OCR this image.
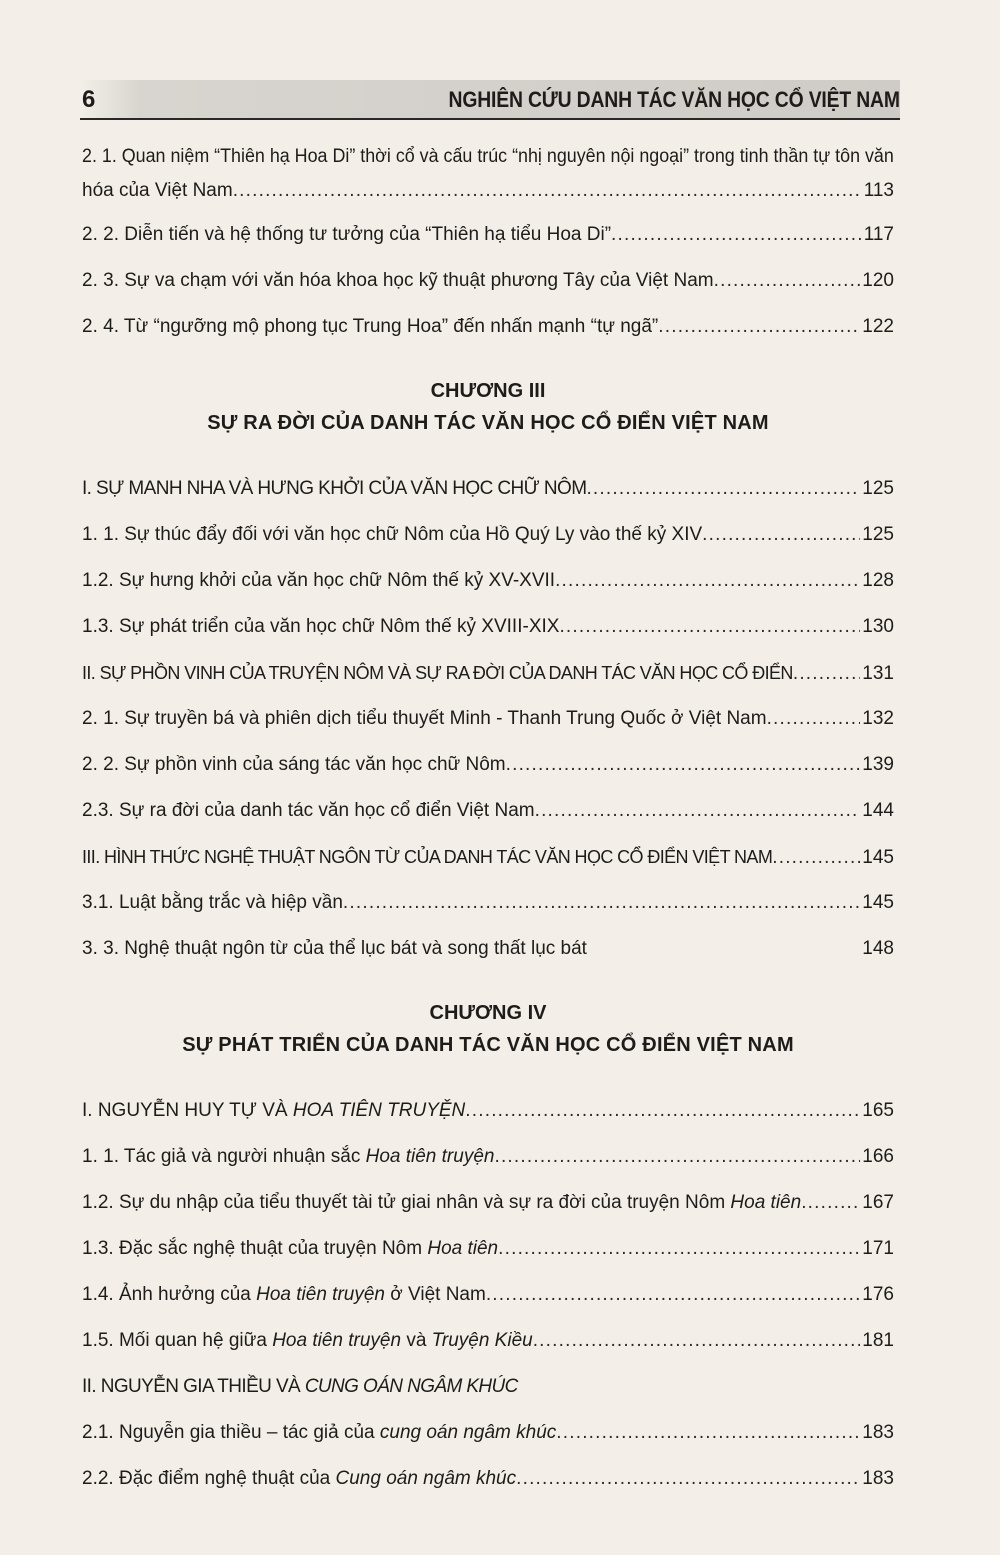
6	NGHIÊN CỨU DANH TÁC VĂN HỌC CỔ VIỆT NAM
2. 1. Quan niệm “Thiên hạ Hoa Di” thời cổ và cấu trúc “nhị nguyên nội ngoại” trong tinh thần tự tôn văn
hóa của Việt Nam .....	113
2. 2. Diễn tiến và hệ thống tư tưởng của “Thiên hạ tiểu Hoa Di” .....	117
2. 3. Sự va chạm với văn hóa khoa học kỹ thuật phương Tây của Việt Nam .....	120
2. 4. Từ “ngưỡng mộ phong tục Trung Hoa” đến nhấn mạnh “tự ngã” .....	122
CHƯƠNG III
SỰ RA ĐỜI CỦA DANH TÁC VĂN HỌC CỔ ĐIỂN VIỆT NAM
I. SỰ MANH NHA VÀ HƯNG KHỞI CỦA VĂN HỌC CHỮ NÔM .....	125
1. 1. Sự thúc đẩy đối với văn học chữ Nôm của Hồ Quý Ly vào thế kỷ XIV .....	125
1.2. Sự hưng khởi của văn học chữ Nôm thế kỷ XV-XVII .....	128
1.3. Sự phát triển của văn học chữ Nôm thế kỷ XVIII-XIX .....	130
II. SỰ PHỒN VINH CỦA TRUYỆN NÔM VÀ SỰ RA ĐỜI CỦA DANH TÁC VĂN HỌC CỔ ĐIỂN .....	131
2. 1. Sự truyền bá và phiên dịch tiểu thuyết Minh - Thanh Trung Quốc ở Việt Nam .....	132
2. 2. Sự phồn vinh của sáng tác văn học chữ Nôm .....	139
2.3. Sự ra đời của danh tác văn học cổ điển Việt Nam .....	144
III. HÌNH THỨC NGHỆ THUẬT NGÔN TỪ CỦA DANH TÁC VĂN HỌC CỔ ĐIỂN VIỆT NAM .....	145
3.1. Luật bằng trắc và hiệp vần .....	145
3. 3. Nghệ thuật ngôn từ của thể lục bát và song thất lục bát	148
CHƯƠNG IV
SỰ PHÁT TRIỂN CỦA DANH TÁC VĂN HỌC CỔ ĐIỂN VIỆT NAM
I. NGUYỄN HUY TỰ VÀ HOA TIÊN TRUYỆN .....	165
1. 1. Tác giả và người nhuận sắc Hoa tiên truyện .....	166
1.2. Sự du nhập của tiểu thuyết tài tử giai nhân và sự ra đời của truyện Nôm Hoa tiên .....	167
1.3. Đặc sắc nghệ thuật của truyện Nôm Hoa tiên .....	171
1.4. Ảnh hưởng của Hoa tiên truyện ở Việt Nam .....	176
1.5. Mối quan hệ giữa Hoa tiên truyện và Truyện Kiều .....	181
II. NGUYỄN GIA THIỀU VÀ CUNG OÁN NGÂM KHÚC
2.1. Nguyễn gia thiều – tác giả của cung oán ngâm khúc .....	183
2.2. Đặc điểm nghệ thuật của Cung oán ngâm khúc .....	183
